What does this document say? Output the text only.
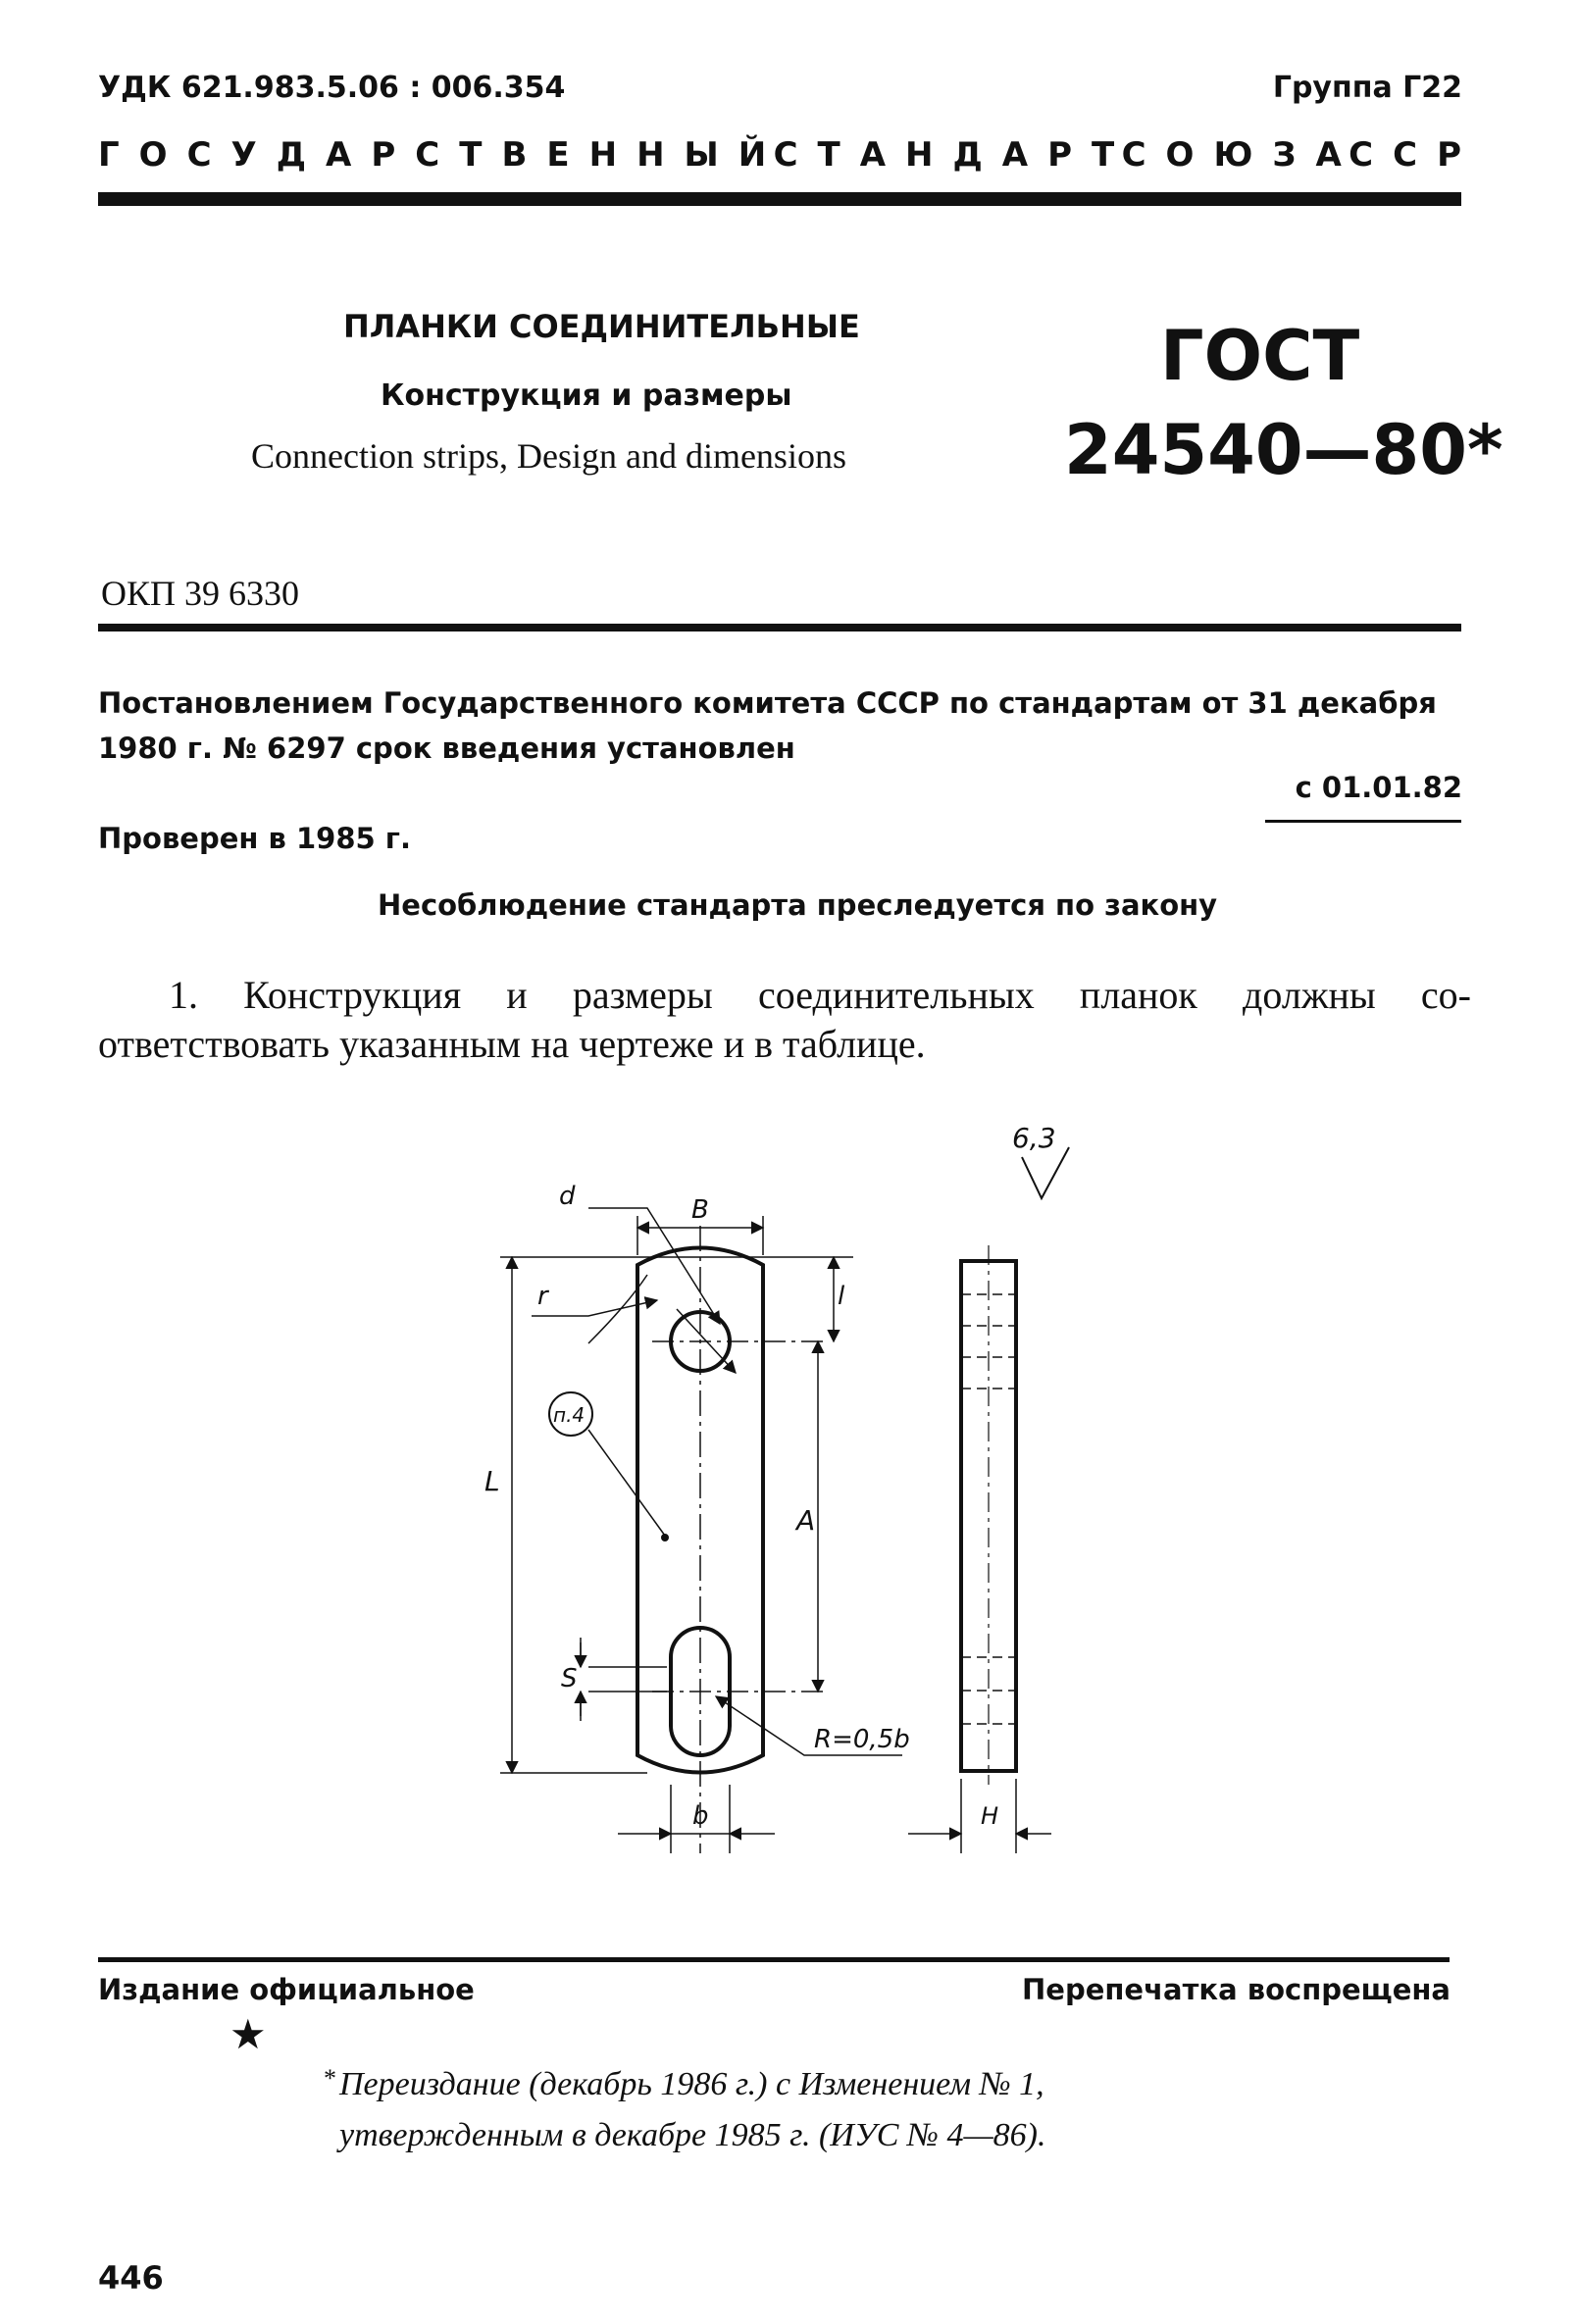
УДК 621.983.5.06 : 006.354	Группа Г22
Г О С У Д А Р С Т В Е Н Н Ы Й С Т А Н Д А Р Т С О Ю З А С С Р
ПЛАНКИ СОЕДИНИТЕЛЬНЫЕ
Конструкция и размеры
Connection strips, Design and dimensions
ГОСТ
24540—80*
ОКП 39 6330
Постановлением Государственного комитета СССР по стандартам от 31 декабря 1980 г. № 6297 срок введения установлен
с 01.01.82
Проверен в 1985 г.
Несоблюдение стандарта преследуется по закону
1. Конструкция и размеры соединительных планок должны со-
ответствовать указанным на чертеже и в таблице.
6,3
B
d
r	l
A
L
п.4
S
R=0,5b
b	H
Издание официальное	Перепечатка воспрещена
★
* Переиздание (декабрь 1986 г.) с Изменением № 1,
утвержденным в декабре 1985 г. (ИУС № 4—86).
446
